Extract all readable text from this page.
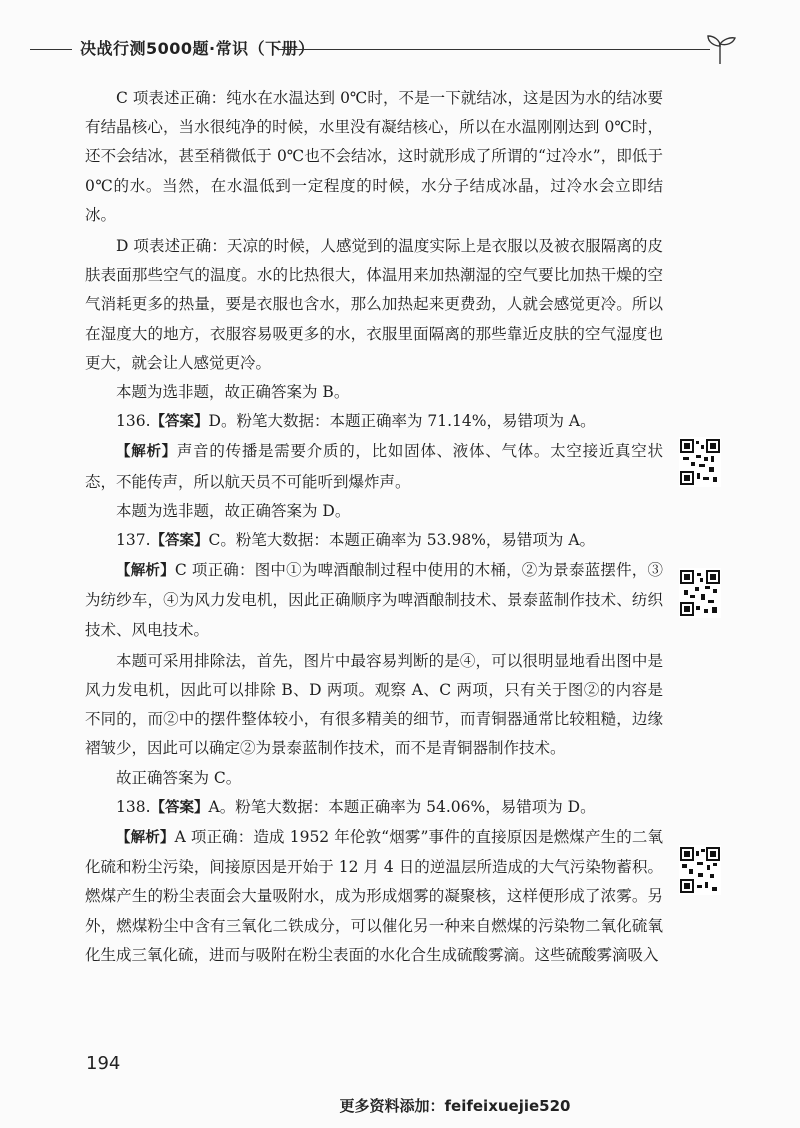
决战行测5000题·常识（下册）

C 项表述正确：纯水在水温达到 0℃时，不是一下就结冰，这是因为水的结冰要有结晶核心，当水很纯净的时候，水里没有凝结核心，所以在水温刚刚达到 0℃时，还不会结冰，甚至稍微低于 0℃也不会结冰，这时就形成了所谓的“过冷水”，即低于 0℃的水。当然，在水温低到一定程度的时候，水分子结成冰晶，过冷水会立即结冰。

D 项表述正确：天凉的时候，人感觉到的温度实际上是衣服以及被衣服隔离的皮肤表面那些空气的温度。水的比热很大，体温用来加热潮湿的空气要比加热干燥的空气消耗更多的热量，要是衣服也含水，那么加热起来更费劲，人就会感觉更冷。所以在湿度大的地方，衣服容易吸更多的水，衣服里面隔离的那些靠近皮肤的空气湿度也更大，就会让人感觉更冷。

本题为选非题，故正确答案为 B。

136.【答案】D。粉笔大数据：本题正确率为 71.14%，易错项为 A。

【解析】声音的传播是需要介质的，比如固体、液体、气体。太空接近真空状态，不能传声，所以航天员不可能听到爆炸声。

本题为选非题，故正确答案为 D。

137.【答案】C。粉笔大数据：本题正确率为 53.98%，易错项为 A。

【解析】C 项正确：图中①为啤酒酿制过程中使用的木桶，②为景泰蓝摆件，③为纺纱车，④为风力发电机，因此正确顺序为啤酒酿制技术、景泰蓝制作技术、纺织技术、风电技术。

本题可采用排除法，首先，图片中最容易判断的是④，可以很明显地看出图中是风力发电机，因此可以排除 B、D 两项。观察 A、C 两项，只有关于图②的内容是不同的，而②中的摆件整体较小，有很多精美的细节，而青铜器通常比较粗糙，边缘褶皱少，因此可以确定②为景泰蓝制作技术，而不是青铜器制作技术。

故正确答案为 C。

138.【答案】A。粉笔大数据：本题正确率为 54.06%，易错项为 D。

【解析】A 项正确：造成 1952 年伦敦“烟雾”事件的直接原因是燃煤产生的二氧化硫和粉尘污染，间接原因是开始于 12 月 4 日的逆温层所造成的大气污染物蓄积。燃煤产生的粉尘表面会大量吸附水，成为形成烟雾的凝聚核，这样便形成了浓雾。另外，燃煤粉尘中含有三氧化二铁成分，可以催化另一种来自燃煤的污染物二氧化硫氧化生成三氧化硫，进而与吸附在粉尘表面的水化合生成硫酸雾滴。这些硫酸雾滴吸入

194
更多资料添加：feifeixuejie520
